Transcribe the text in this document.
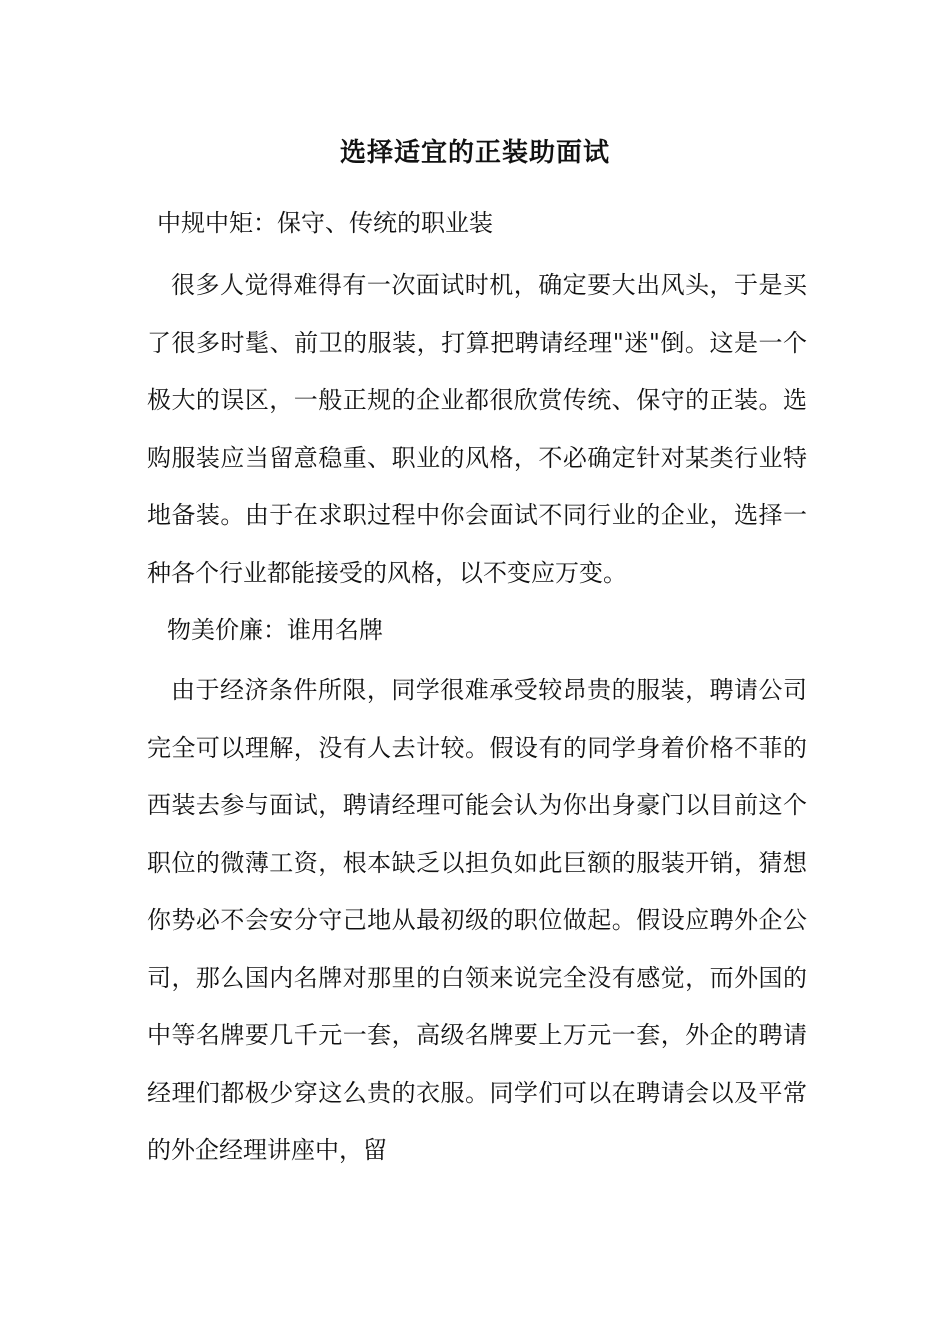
选择适宜的正装助面试

中规中矩：保守、传统的职业装

很多人觉得难得有一次面试时机，确定要大出风头，于是买了很多时髦、前卫的服装，打算把聘请经理"迷"倒。这是一个极大的误区，一般正规的企业都很欣赏传统、保守的正装。选购服装应当留意稳重、职业的风格，不必确定针对某类行业特地备装。由于在求职过程中你会面试不同行业的企业，选择一种各个行业都能接受的风格，以不变应万变。

物美价廉：谁用名牌

由于经济条件所限，同学很难承受较昂贵的服装，聘请公司完全可以理解，没有人去计较。假设有的同学身着价格不菲的西装去参与面试，聘请经理可能会认为你出身豪门以目前这个职位的微薄工资，根本缺乏以担负如此巨额的服装开销，猜想你势必不会安分守己地从最初级的职位做起。假设应聘外企公司，那么国内名牌对那里的白领来说完全没有感觉，而外国的中等名牌要几千元一套，高级名牌要上万元一套，外企的聘请经理们都极少穿这么贵的衣服。同学们可以在聘请会以及平常的外企经理讲座中，留
